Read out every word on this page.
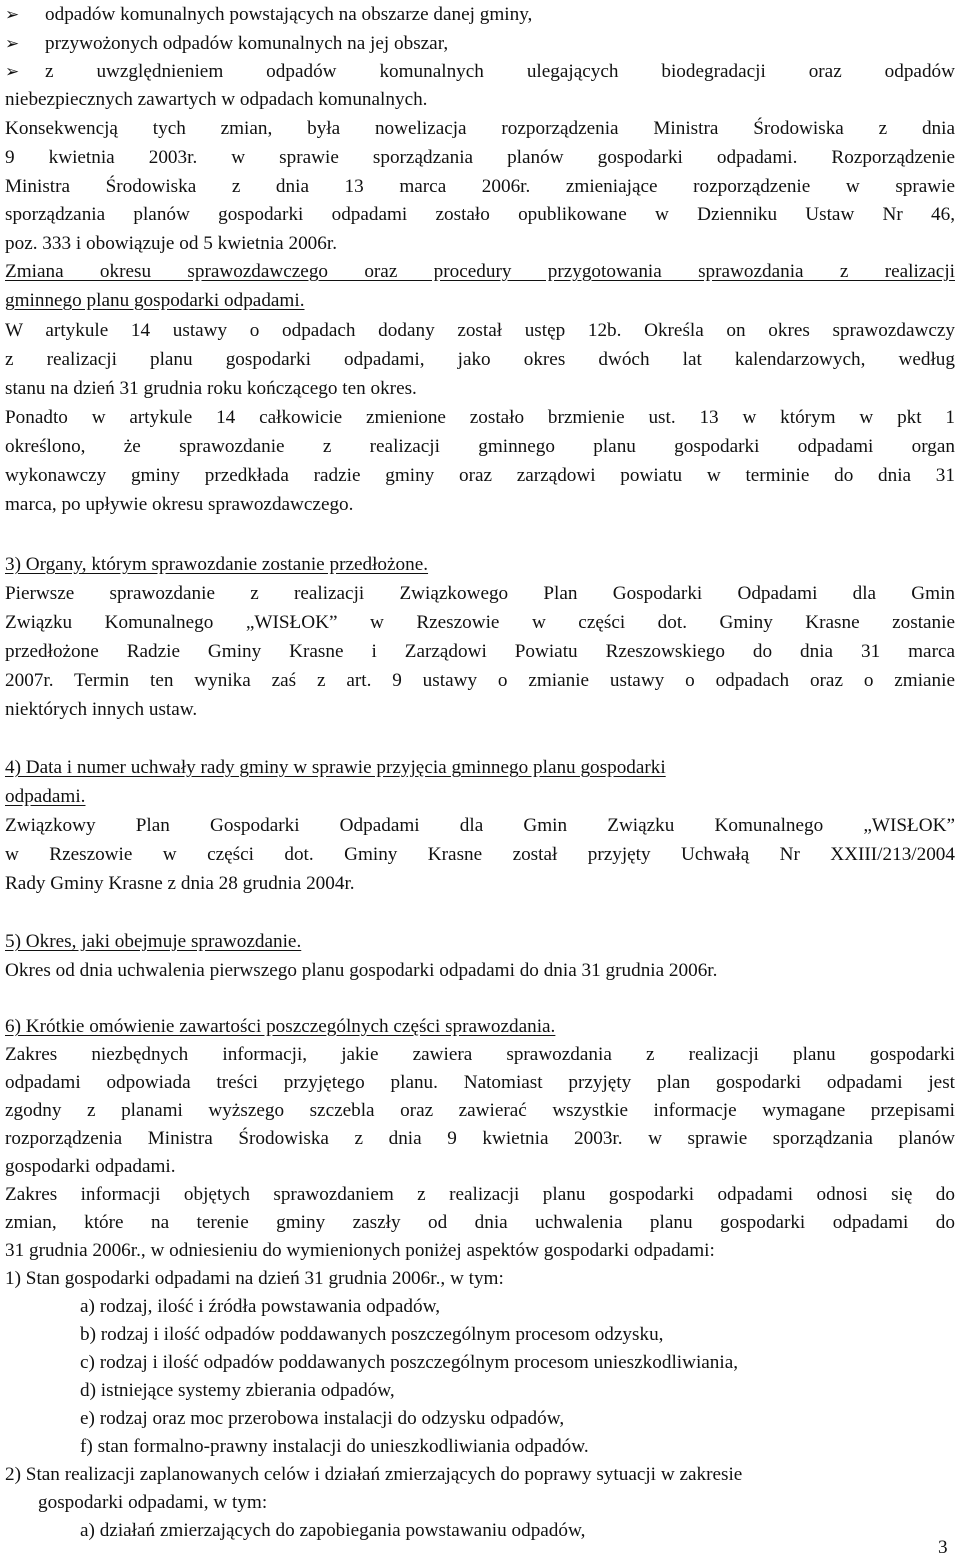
➢ odpadów komunalnych powstających na obszarze danej gminy,

➢ przywożonych odpadów komunalnych na jej obszar,

➢ z uwzględnieniem odpadów komunalnych ulegających biodegradacji oraz odpadów

niebezpiecznych zawartych w odpadach komunalnych.

Konsekwencją tych zmian, była nowelizacja rozporządzenia Ministra Środowiska z dnia

9 kwietnia 2003r. w sprawie sporządzania planów gospodarki odpadami. Rozporządzenie

Ministra Środowiska z dnia 13 marca 2006r. zmieniające rozporządzenie w sprawie

sporządzania planów gospodarki odpadami zostało opublikowane w Dzienniku Ustaw Nr 46,

poz. 333 i obowiązuje od 5 kwietnia 2006r.

Zmiana okresu sprawozdawczego oraz procedury przygotowania sprawozdania z realizacji

gminnego planu gospodarki odpadami.

W artykule 14 ustawy o odpadach dodany został ustęp 12b. Określa on okres sprawozdawczy

z realizacji planu gospodarki odpadami, jako okres dwóch lat kalendarzowych, według

stanu na dzień 31 grudnia roku kończącego ten okres.

Ponadto w artykule 14 całkowicie zmienione zostało brzmienie ust. 13 w którym w pkt 1

określono, że sprawozdanie z realizacji gminnego planu gospodarki odpadami organ

wykonawczy gminy przedkłada radzie gminy oraz zarządowi powiatu w terminie do dnia 31

marca, po upływie okresu sprawozdawczego.

3) Organy, którym sprawozdanie zostanie przedłożone.

Pierwsze sprawozdanie z realizacji Związkowego Plan Gospodarki Odpadami dla Gmin

Związku Komunalnego „WISŁOK” w Rzeszowie w części dot. Gminy Krasne zostanie

przedłożone Radzie Gminy Krasne i Zarządowi Powiatu Rzeszowskiego do dnia 31 marca

2007r. Termin ten wynika zaś z art. 9 ustawy o zmianie ustawy o odpadach oraz o zmianie

niektórych innych ustaw.

4) Data i numer uchwały rady gminy w sprawie przyjęcia gminnego planu gospodarki

odpadami.

Związkowy Plan Gospodarki Odpadami dla Gmin Związku Komunalnego „WISŁOK”

w Rzeszowie w części dot. Gminy Krasne został przyjęty Uchwałą Nr XXIII/213/2004

Rady Gminy Krasne z dnia 28 grudnia 2004r.

5) Okres, jaki obejmuje sprawozdanie.

Okres od dnia uchwalenia pierwszego planu gospodarki odpadami do dnia 31 grudnia 2006r.

6) Krótkie omówienie zawartości poszczególnych części sprawozdania.

Zakres niezbędnych informacji, jakie zawiera sprawozdania z realizacji planu gospodarki

odpadami odpowiada treści przyjętego planu. Natomiast przyjęty plan gospodarki odpadami jest

zgodny z planami wyższego szczebla oraz zawierać wszystkie informacje wymagane przepisami

rozporządzenia Ministra Środowiska z dnia 9 kwietnia 2003r. w sprawie sporządzania planów

gospodarki odpadami.

Zakres informacji objętych sprawozdaniem z realizacji planu gospodarki odpadami odnosi się do

zmian, które na terenie gminy zaszły od dnia uchwalenia planu gospodarki odpadami do

31 grudnia 2006r., w odniesieniu do wymienionych poniżej aspektów gospodarki odpadami:

1) Stan gospodarki odpadami na dzień 31 grudnia 2006r., w tym:

a) rodzaj, ilość i źródła powstawania odpadów,

b) rodzaj i ilość odpadów poddawanych poszczególnym procesom odzysku,

c) rodzaj i ilość odpadów poddawanych poszczególnym procesom unieszkodliwiania,

d) istniejące systemy zbierania odpadów,

e) rodzaj oraz moc przerobowa instalacji do odzysku odpadów,

f) stan formalno-prawny instalacji do unieszkodliwiania odpadów.

2) Stan realizacji zaplanowanych celów i działań zmierzających do poprawy sytuacji w zakresie

gospodarki odpadami, w tym:

a) działań zmierzających do zapobiegania powstawaniu odpadów,

3
